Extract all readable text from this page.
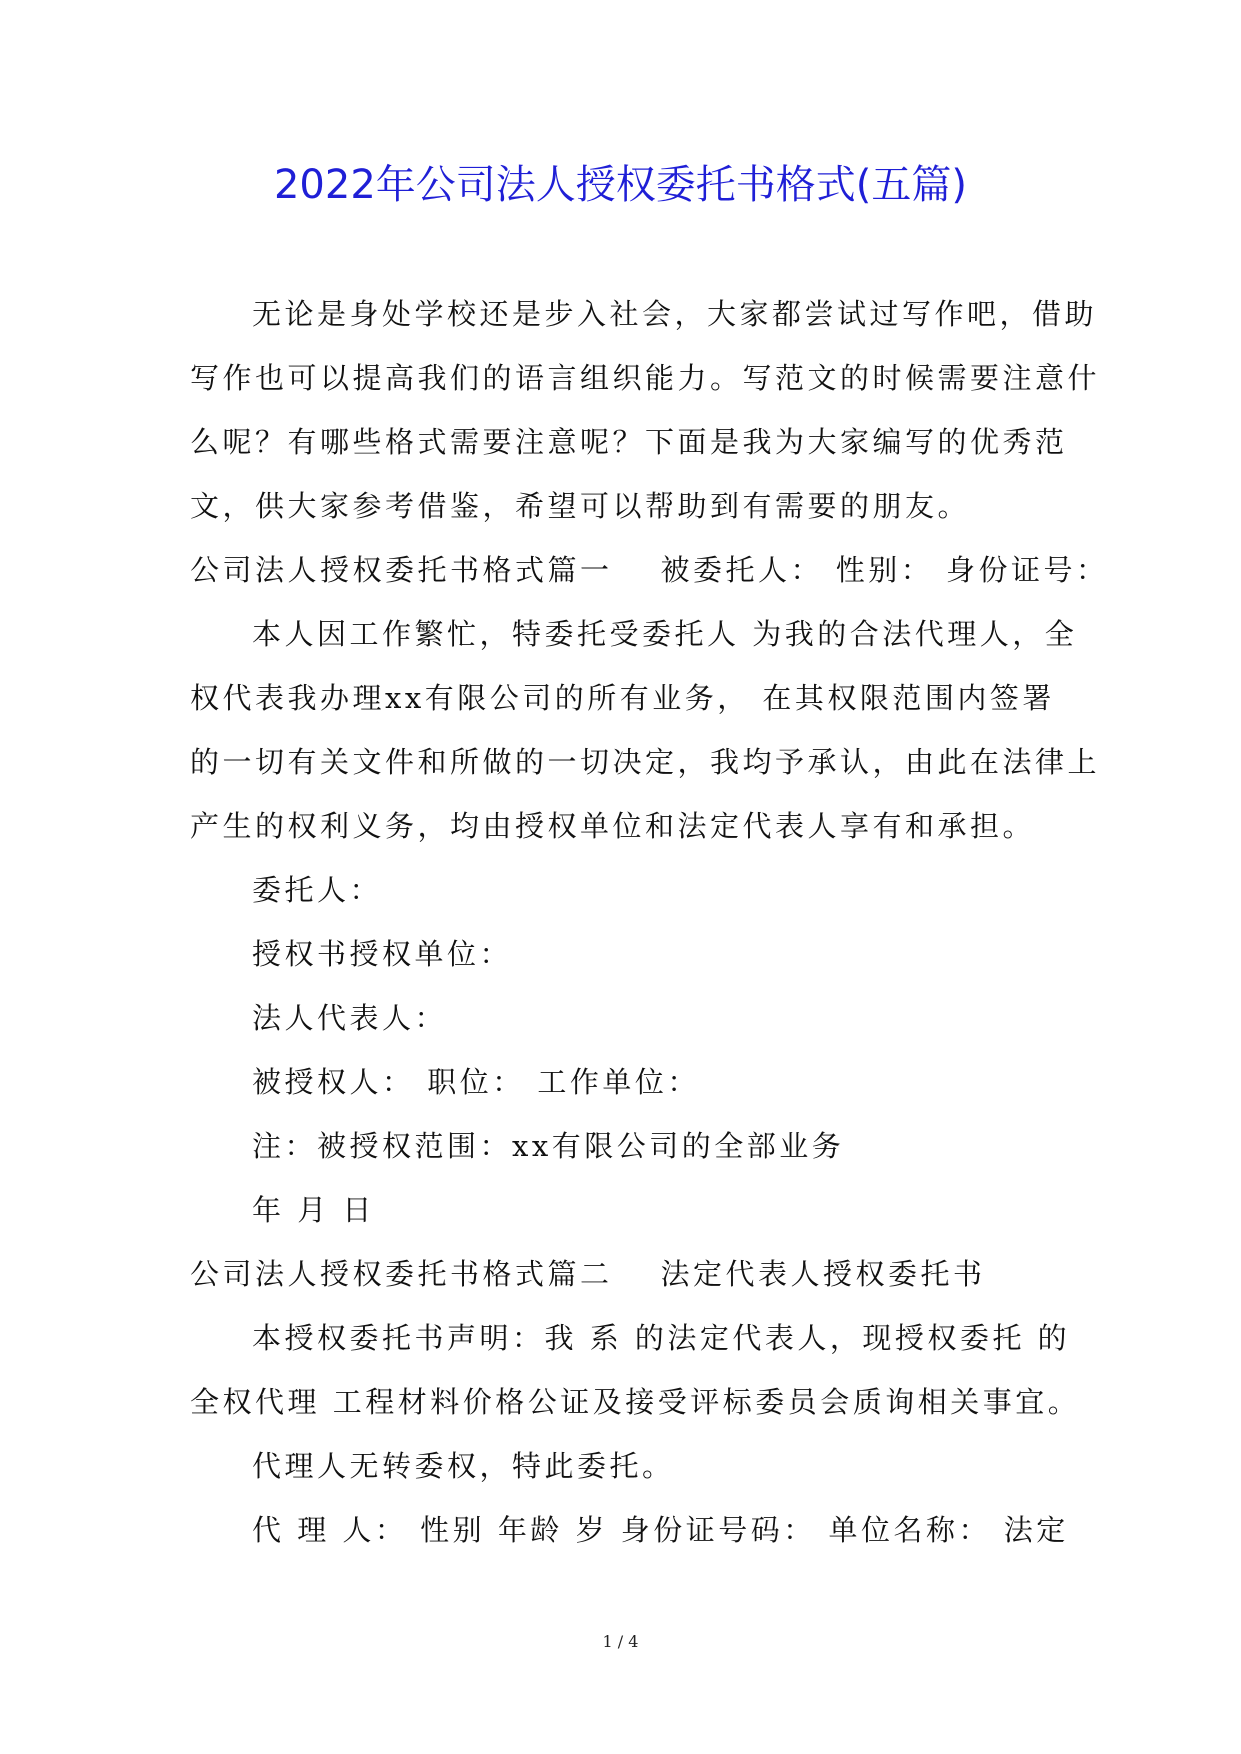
2022年公司法人授权委托书格式(五篇)
无论是身处学校还是步入社会，大家都尝试过写作吧，借助
写作也可以提高我们的语言组织能力。写范文的时候需要注意什
么呢？有哪些格式需要注意呢？下面是我为大家编写的优秀范
文，供大家参考借鉴，希望可以帮助到有需要的朋友。
公司法人授权委托书格式篇一 被委托人： 性别： 身份证号：
本人因工作繁忙，特委托受委托人 为我的合法代理人，全
权代表我办理xx有限公司的所有业务， 在其权限范围内签署
的一切有关文件和所做的一切决定，我均予承认，由此在法律上
产生的权利义务，均由授权单位和法定代表人享有和承担。
委托人：
授权书授权单位：
法人代表人：
被授权人： 职位： 工作单位：
注：被授权范围：xx有限公司的全部业务
年 月 日
公司法人授权委托书格式篇二 法定代表人授权委托书
本授权委托书声明：我 系 的法定代表人，现授权委托 的
全权代理 工程材料价格公证及接受评标委员会质询相关事宜。
代理人无转委权，特此委托。
代 理 人： 性别 年龄 岁 身份证号码： 单位名称： 法定
1 / 4
